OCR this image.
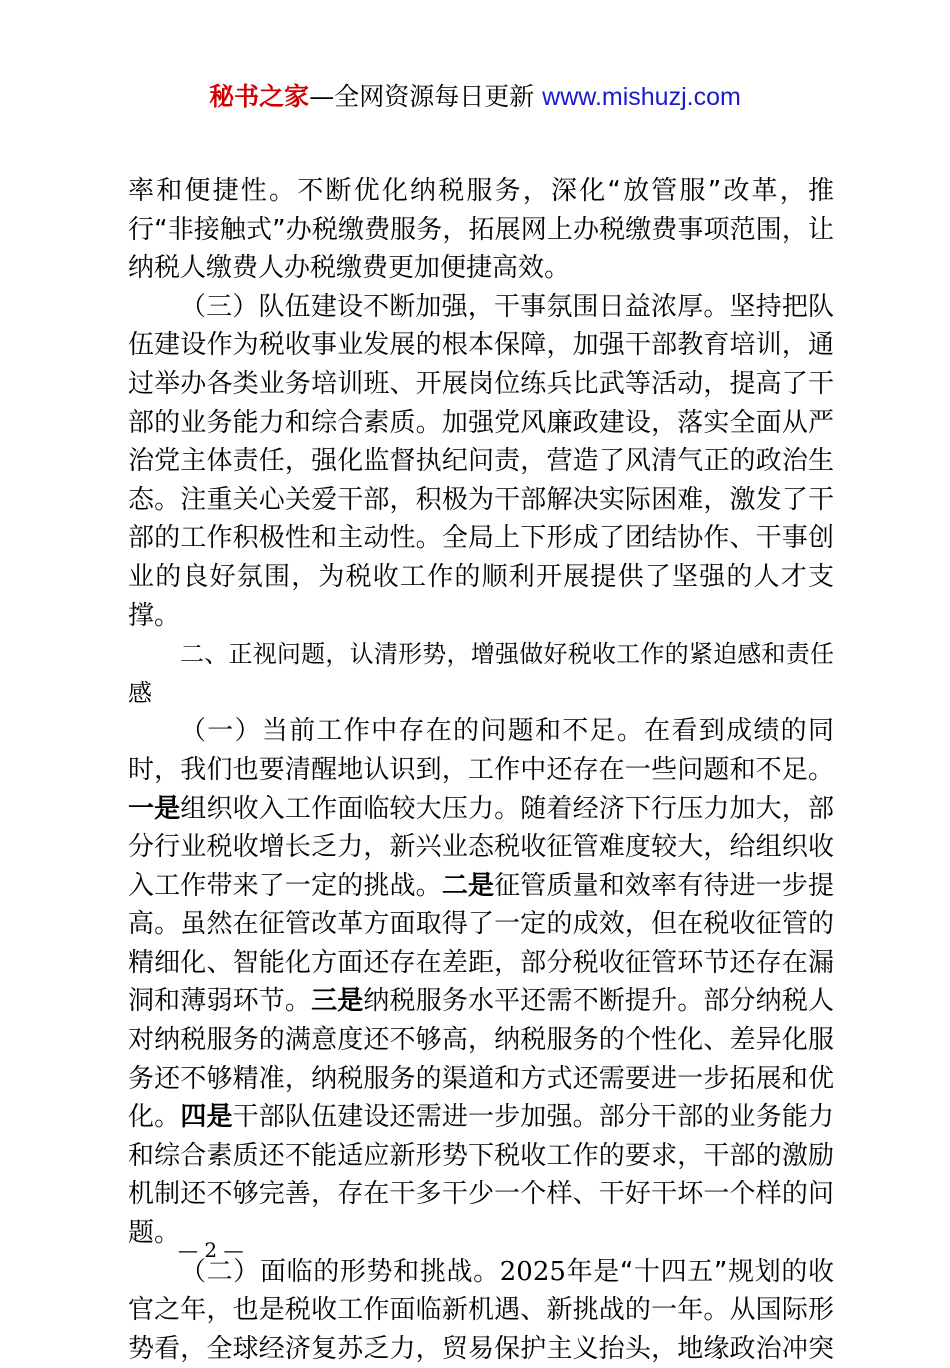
秘书之家—全网资源每日更新 www.mishuzj.com

率和便捷性。不断优化纳税服务，深化“放管服”改革，推行“非接触式”办税缴费服务，拓展网上办税缴费事项范围，让纳税人缴费人办税缴费更加便捷高效。

（三）队伍建设不断加强，干事氛围日益浓厚。坚持把队伍建设作为税收事业发展的根本保障，加强干部教育培训，通过举办各类业务培训班、开展岗位练兵比武等活动，提高了干部的业务能力和综合素质。加强党风廉政建设，落实全面从严治党主体责任，强化监督执纪问责，营造了风清气正的政治生态。注重关心关爱干部，积极为干部解决实际困难，激发了干部的工作积极性和主动性。全局上下形成了团结协作、干事创业的良好氛围，为税收工作的顺利开展提供了坚强的人才支撑。

二、正视问题，认清形势，增强做好税收工作的紧迫感和责任感

（一）当前工作中存在的问题和不足。在看到成绩的同时，我们也要清醒地认识到，工作中还存在一些问题和不足。一是组织收入工作面临较大压力。随着经济下行压力加大，部分行业税收增长乏力，新兴业态税收征管难度较大，给组织收入工作带来了一定的挑战。二是征管质量和效率有待进一步提高。虽然在征管改革方面取得了一定的成效，但在税收征管的精细化、智能化方面还存在差距，部分税收征管环节还存在漏洞和薄弱环节。三是纳税服务水平还需不断提升。部分纳税人对纳税服务的满意度还不够高，纳税服务的个性化、差异化服务还不够精准，纳税服务的渠道和方式还需要进一步拓展和优化。四是干部队伍建设还需进一步加强。部分干部的业务能力和综合素质还不能适应新形势下税收工作的要求，干部的激励机制还不够完善，存在干多干少一个样、干好干坏一个样的问题。

（二）面临的形势和挑战。2025年是“十四五”规划的收官之年，也是税收工作面临新机遇、新挑战的一年。从国际形势看，全球经济复苏乏力，贸易保护主义抬头，地缘政治冲突

— 2 —
